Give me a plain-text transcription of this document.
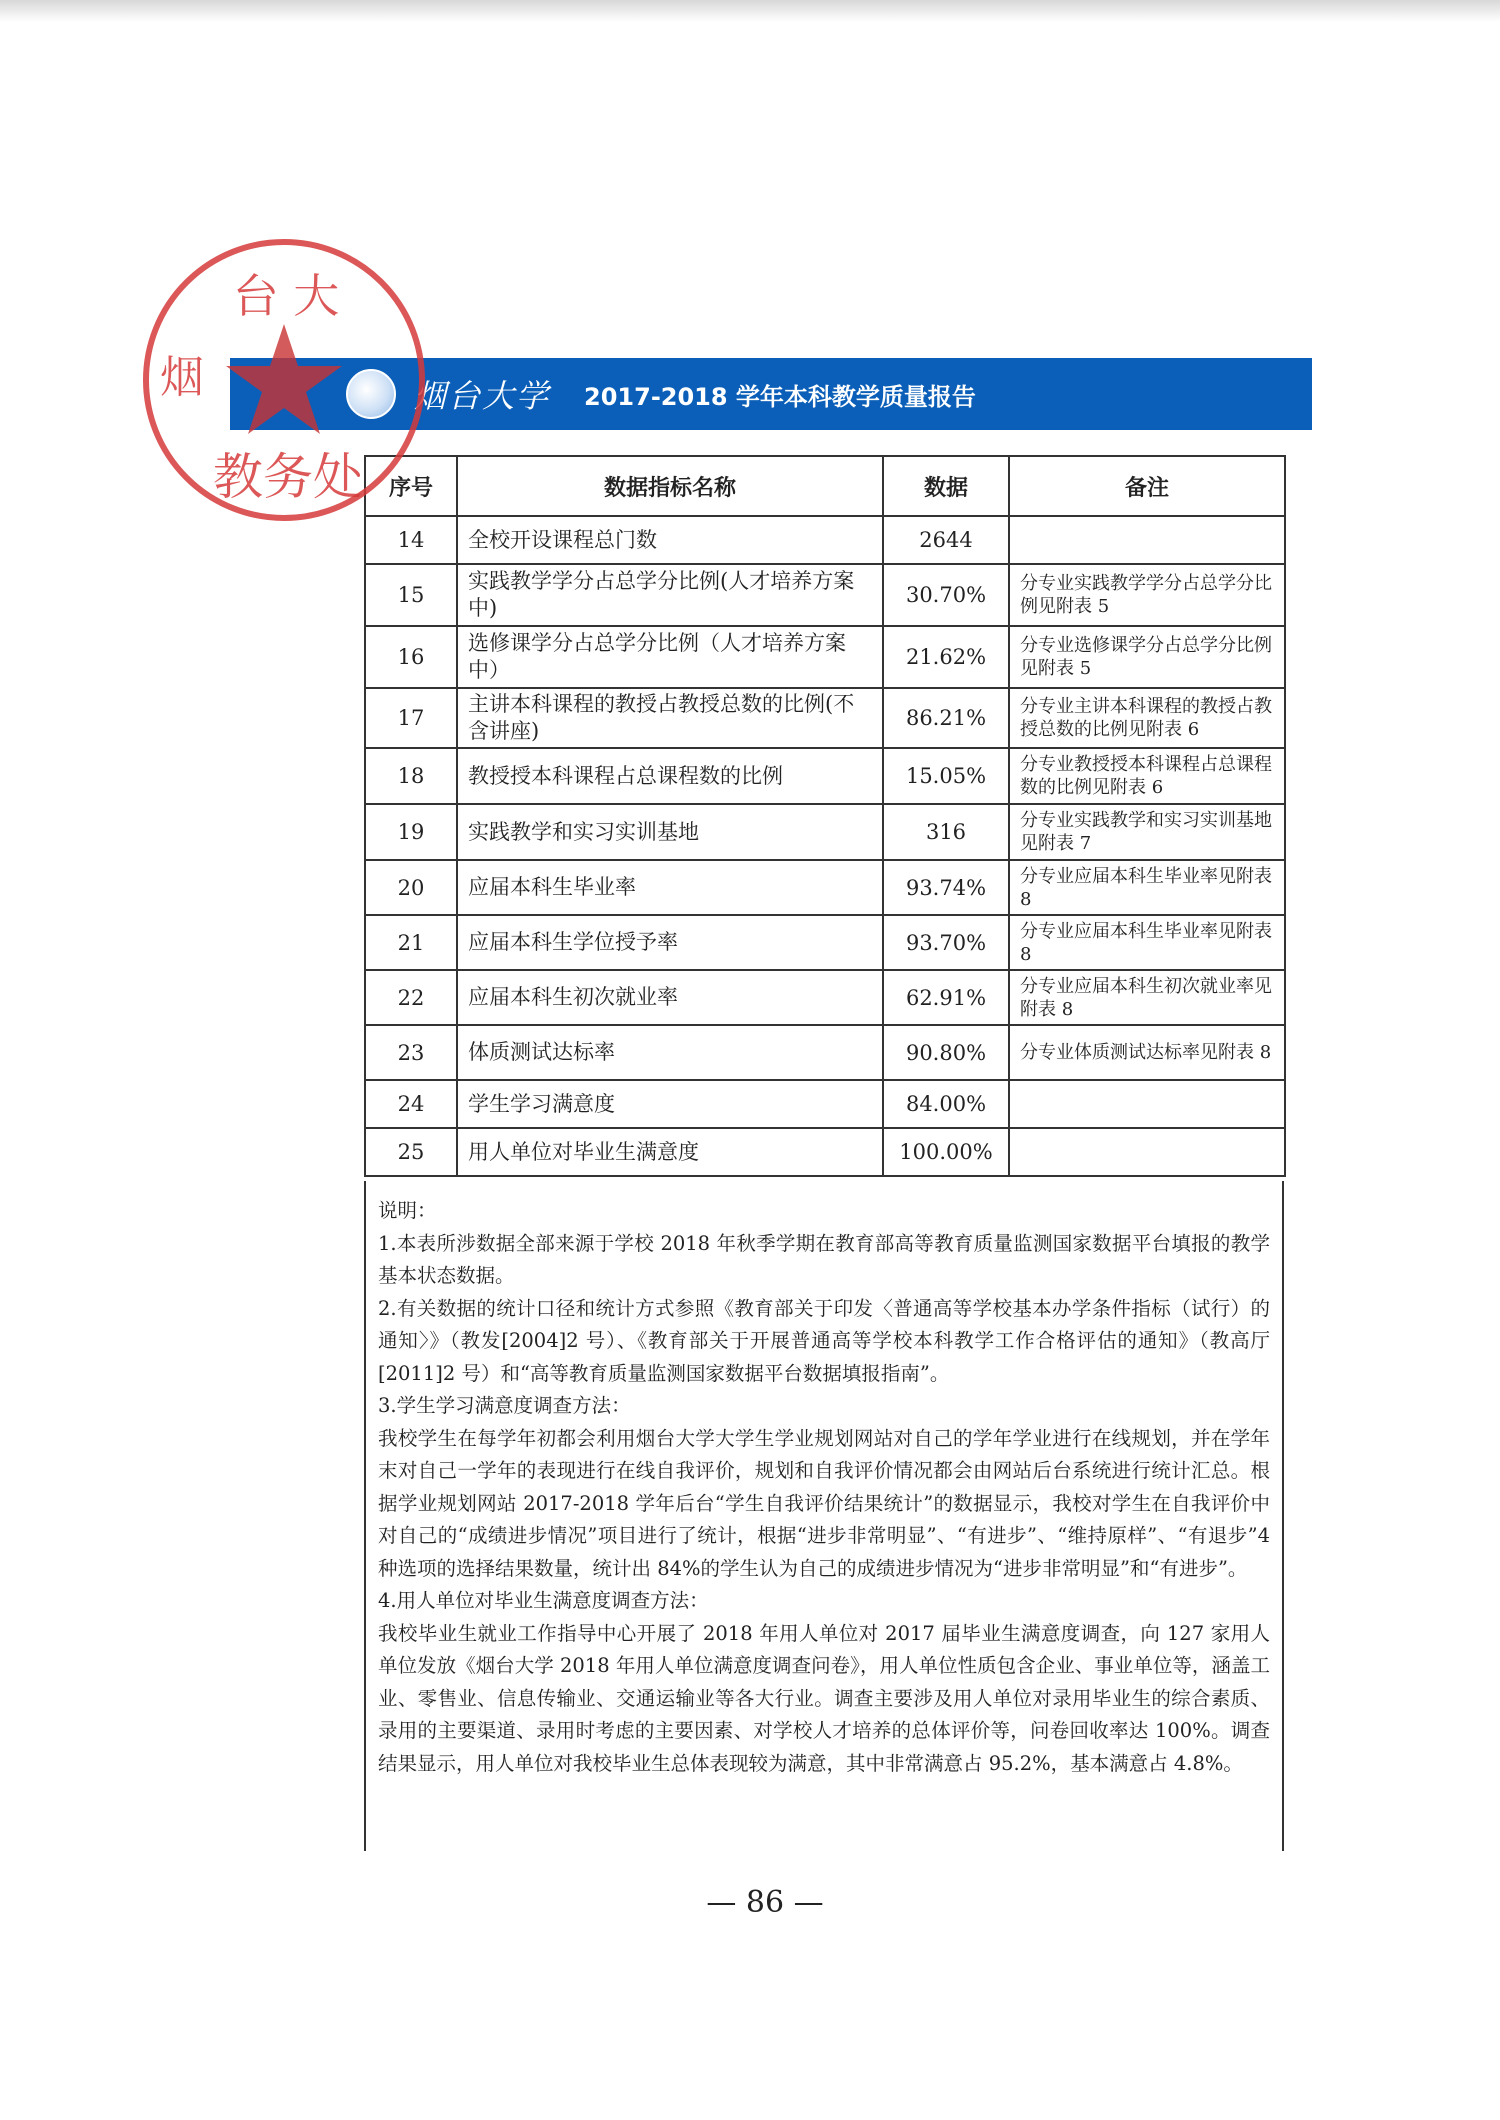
烟台大学 2017-2018 学年本科教学质量报告
序号	数据指标名称	数据	备注
14	全校开设课程总门数	2644	
15	实践教学学分占总学分比例(人才培养方案中)	30.70%	分专业实践教学学分占总学分比例见附表 5
16	选修课学分占总学分比例（人才培养方案中）	21.62%	分专业选修课学分占总学分比例见附表 5
17	主讲本科课程的教授占教授总数的比例(不含讲座)	86.21%	分专业主讲本科课程的教授占教授总数的比例见附表 6
18	教授授本科课程占总课程数的比例	15.05%	分专业教授授本科课程占总课程数的比例见附表 6
19	实践教学和实习实训基地	316	分专业实践教学和实习实训基地见附表 7
20	应届本科生毕业率	93.74%	分专业应届本科生毕业率见附表 8
21	应届本科生学位授予率	93.70%	分专业应届本科生毕业率见附表 8
22	应届本科生初次就业率	62.91%	分专业应届本科生初次就业率见附表 8
23	体质测试达标率	90.80%	分专业体质测试达标率见附表 8
24	学生学习满意度	84.00%	
25	用人单位对毕业生满意度	100.00%	

说明：

1.本表所涉数据全部来源于学校 2018 年秋季学期在教育部高等教育质量监测国家数据平台填报的教学基本状态数据。

2.有关数据的统计口径和统计方式参照《教育部关于印发〈普通高等学校基本办学条件指标（试行）的通知〉》（教发[2004]2 号）、《教育部关于开展普通高等学校本科教学工作合格评估的通知》（教高厅[2011]2 号）和“高等教育质量监测国家数据平台数据填报指南”。

3.学生学习满意度调查方法：

我校学生在每学年初都会利用烟台大学大学生学业规划网站对自己的学年学业进行在线规划，并在学年末对自己一学年的表现进行在线自我评价，规划和自我评价情况都会由网站后台系统进行统计汇总。根据学业规划网站 2017-2018 学年后台“学生自我评价结果统计”的数据显示，我校对学生在自我评价中对自己的“成绩进步情况”项目进行了统计，根据“进步非常明显”、“有进步”、“维持原样”、“有退步”4 种选项的选择结果数量，统计出 84%的学生认为自己的成绩进步情况为“进步非常明显”和“有进步”。

4.用人单位对毕业生满意度调查方法：

我校毕业生就业工作指导中心开展了 2018 年用人单位对 2017 届毕业生满意度调查，向 127 家用人单位发放《烟台大学 2018 年用人单位满意度调查问卷》，用人单位性质包含企业、事业单位等，涵盖工业、零售业、信息传输业、交通运输业等各大行业。调查主要涉及用人单位对录用毕业生的综合素质、录用的主要渠道、录用时考虑的主要因素、对学校人才培养的总体评价等，问卷回收率达 100%。调查结果显示，用人单位对我校毕业生总体表现较为满意，其中非常满意占 95.2%，基本满意占 4.8%。

— 86 —
台 大
烟
教务处
